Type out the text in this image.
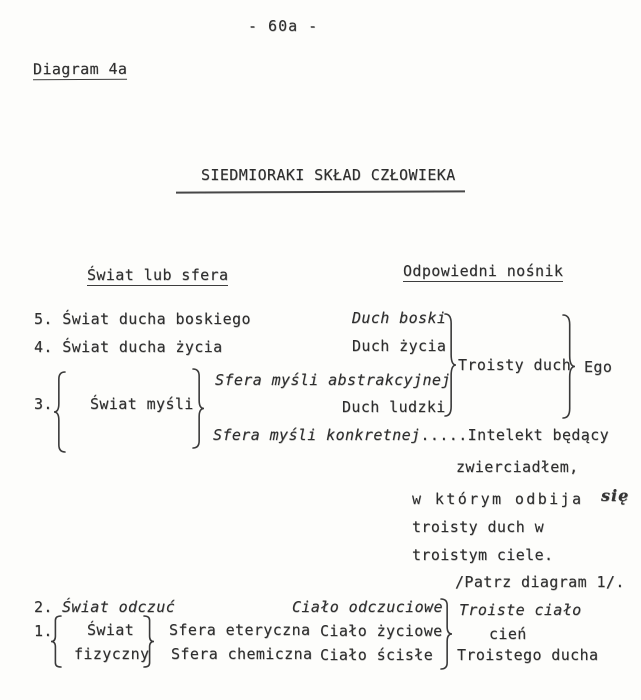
- 60a -
Diagram 4a
SIEDMIORAKI SKŁAD CZŁOWIEKA
Świat lub sfera	Odpowiedni nośnik
5. Świat ducha boskiego
4. Świat ducha życia
Duch boski
Duch życia
Troisty duch Ego
3. Świat myśli
Sfera myśli abstrakcyjnej
Duch ludzki
Sfera myśli konkretnej.....Intelekt będący
zwierciadłem,
w którym odbija się
troisty duch w
troistym ciele.
/Patrz diagram 1/.
2. Świat odczuć	Ciało odczuciowe
1. Świat
fizyczny
Sfera eteryczna
Sfera chemiczna
Ciało życiowe
Ciało ścisłe
Troiste ciało
cień
Troistego ducha
